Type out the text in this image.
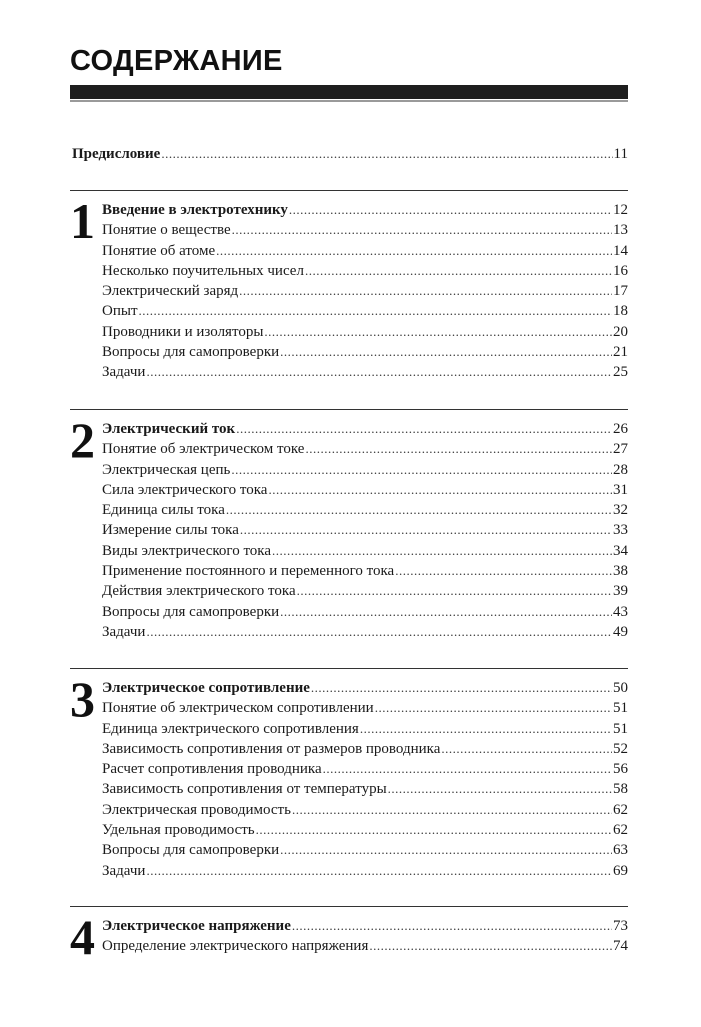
СОДЕРЖАНИЕ
Предисловие .....	11
1 Введение в электротехнику .....	12
Понятие о веществе .....	13
Понятие об атоме .....	14
Несколько поучительных чисел .....	16
Электрический заряд .....	17
Опыт .....	18
Проводники и изоляторы .....	20
Вопросы для самопроверки .....	21
Задачи .....	25
2 Электрический ток .....	26
Понятие об электрическом токе .....	27
Электрическая цепь .....	28
Сила электрического тока .....	31
Единица силы тока .....	32
Измерение силы тока .....	33
Виды электрического тока .....	34
Применение постоянного и переменного тока .....	38
Действия электрического тока .....	39
Вопросы для самопроверки .....	43
Задачи .....	49
3 Электрическое сопротивление .....	50
Понятие об электрическом сопротивлении .....	51
Единица электрического сопротивления .....	51
Зависимость сопротивления от размеров проводника .....	52
Расчет сопротивления проводника .....	56
Зависимость сопротивления от температуры .....	58
Электрическая проводимость .....	62
Удельная проводимость .....	62
Вопросы для самопроверки .....	63
Задачи .....	69
4 Электрическое напряжение .....	73
Определение электрического напряжения .....	74
